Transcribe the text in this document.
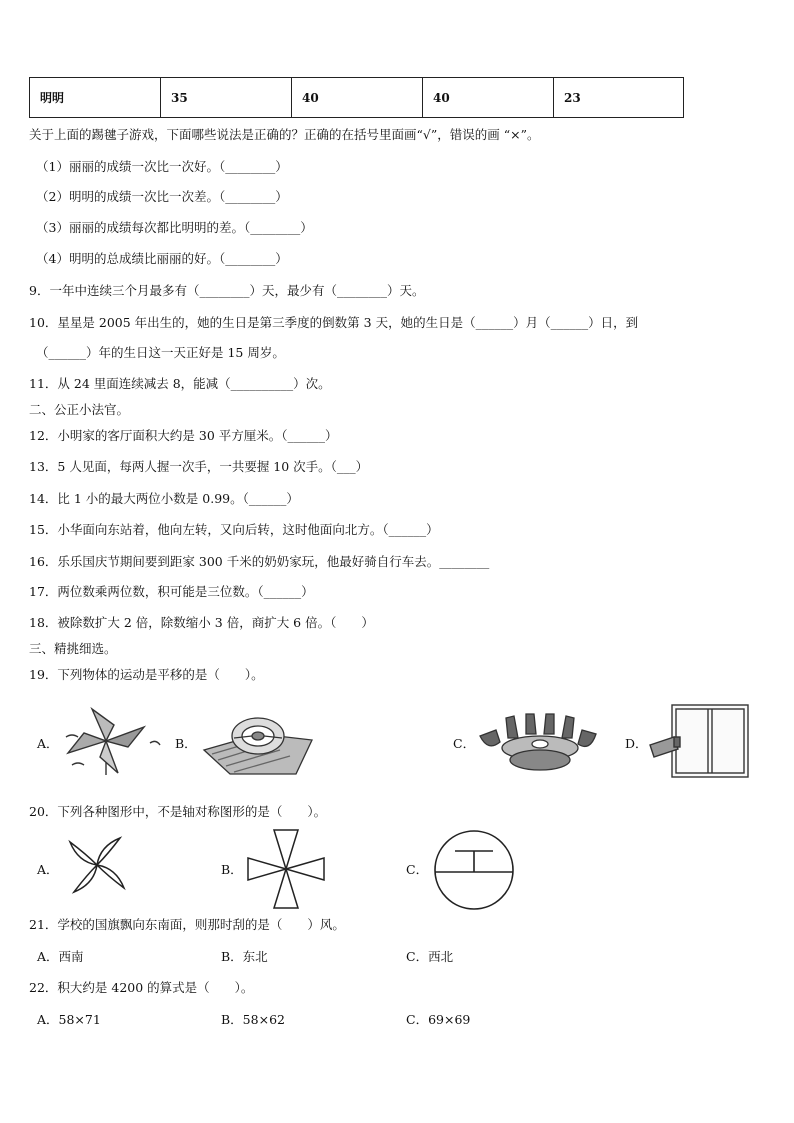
明明	35	40	40	23
关于上面的踢毽子游戏，下面哪些说法是正确的？正确的在括号里面画“√”，错误的画 “×”。
（1）丽丽的成绩一次比一次好。（________）
（2）明明的成绩一次比一次差。（________）
（3）丽丽的成绩每次都比明明的差。（________）
（4）明明的总成绩比丽丽的好。（________）
9．一年中连续三个月最多有（________）天，最少有（________）天。
10．星星是 2005 年出生的，她的生日是第三季度的倒数第 3 天，她的生日是（______）月（______）日，到
（______）年的生日这一天正好是 15 周岁。
11．从 24 里面连续减去 8，能减（__________）次。
二、公正小法官。
12．小明家的客厅面积大约是 30 平方厘米。（______）
13．5 人见面，每两人握一次手，一共要握 10 次手。（___）
14．比 1 小的最大两位小数是 0.99。（______）
15．小华面向东站着，他向左转，又向后转，这时他面向北方。（______）
16．乐乐国庆节期间要到距家 300 千米的奶奶家玩，他最好骑自行车去。________
17．两位数乘两位数，积可能是三位数。（______）
18．被除数扩大 2 倍，除数缩小 3 倍，商扩大 6 倍。（　　）
三、精挑细选。
19．下列物体的运动是平移的是（　　）。
A．	B．	C．	D．
20．下列各种图形中，不是轴对称图形的是（　　）。
A．	B．	C．
21．学校的国旗飘向东南面，则那时刮的是（　　）风。
A．西南	B．东北	C．西北
22．积大约是 4200 的算式是（　　）。
A．58×71	B．58×62	C．69×69
